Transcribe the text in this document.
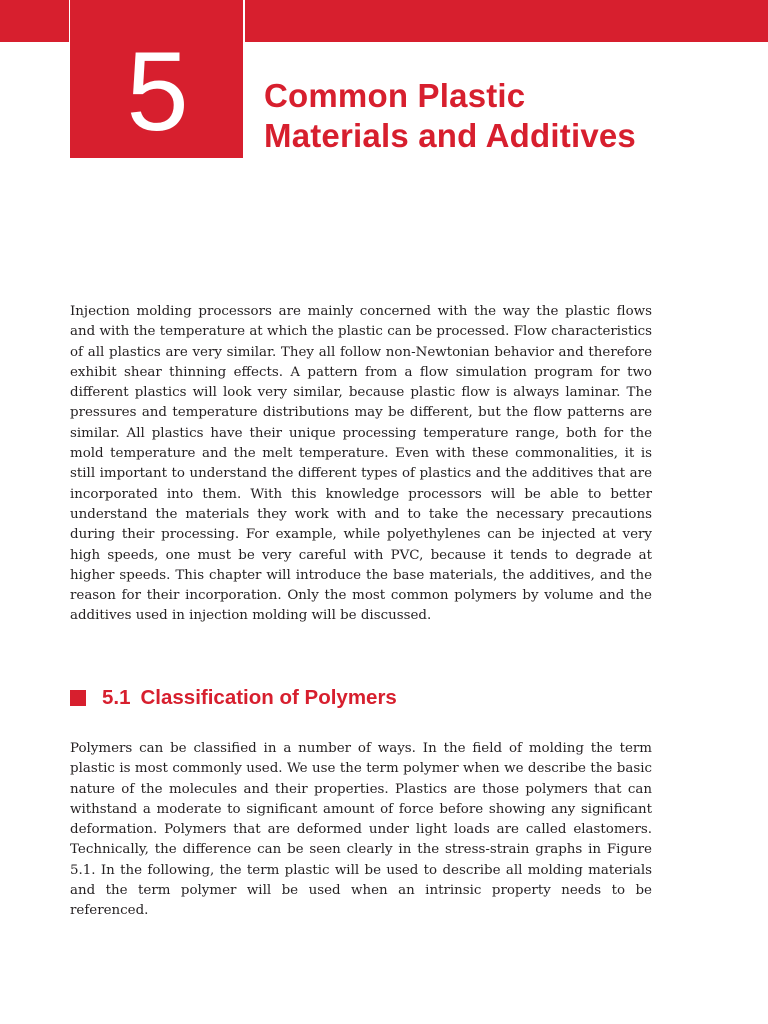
5 Common Plastic
Materials and Additives

Injection molding processors are mainly concerned with the way the plastic flows and with the temperature at which the plastic can be processed. Flow characteristics of all plastics are very similar. They all follow non-Newtonian behavior and therefore exhibit shear thinning effects. A pattern from a flow simulation program for two different plastics will look very similar, because plastic flow is always laminar. The pressures and temperature distributions may be different, but the flow patterns are similar. All plastics have their unique processing temperature range, both for the mold temperature and the melt temperature. Even with these commonalities, it is still important to understand the different types of plastics and the additives that are incorporated into them. With this knowledge processors will be able to better understand the materials they work with and to take the necessary precautions during their processing. For example, while polyethylenes can be injected at very high speeds, one must be very careful with PVC, because it tends to degrade at higher speeds. This chapter will introduce the base materials, the additives, and the reason for their incorporation. Only the most common polymers by volume and the additives used in injection molding will be discussed.

5.1 Classification of Polymers

Polymers can be classified in a number of ways. In the field of molding the term plastic is most commonly used. We use the term polymer when we describe the basic nature of the molecules and their properties. Plastics are those polymers that can withstand a moderate to significant amount of force before showing any significant deformation. Polymers that are deformed under light loads are called elastomers. Technically, the difference can be seen clearly in the stress-strain graphs in Figure 5.1. In the following, the term plastic will be used to describe all molding materials and the term polymer will be used when an intrinsic property needs to be referenced.
